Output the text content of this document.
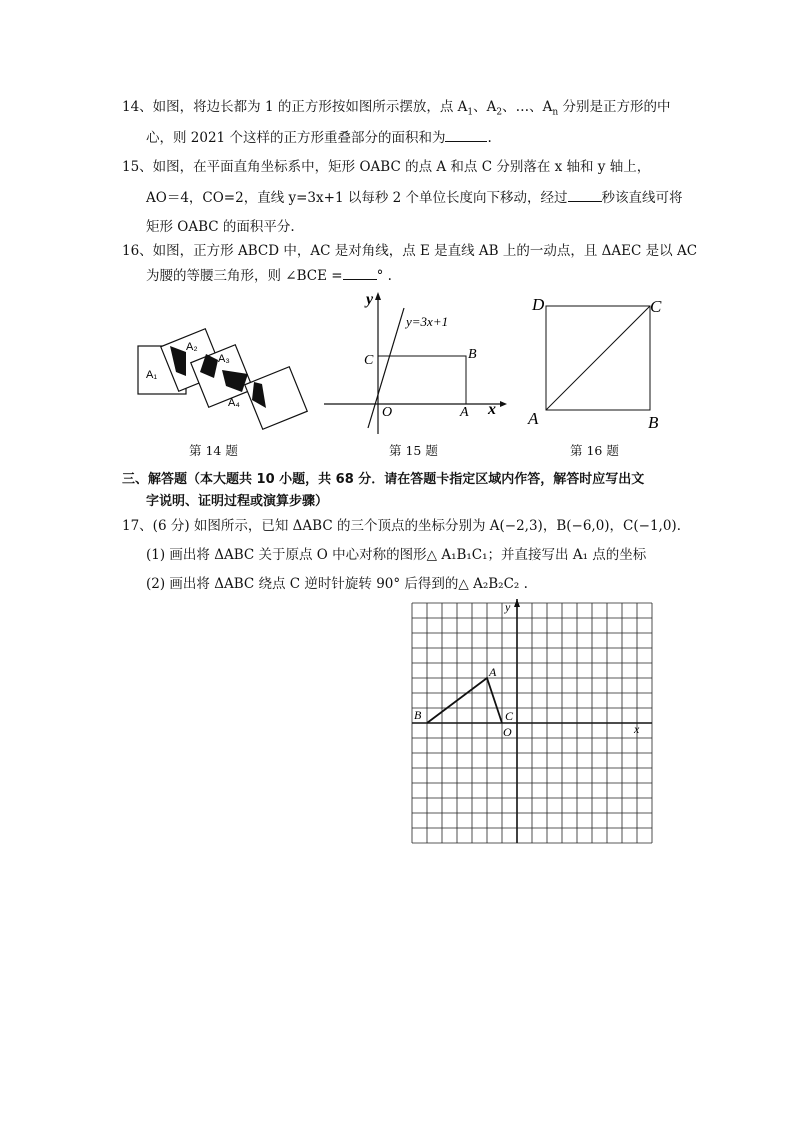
14、如图，将边长都为 1 的正方形按如图所示摆放，点 $A_1$、$A_2$、…、$A_n$ 分别是正方形的中
心，则 2021 个这样的正方形重叠部分的面积和为	.
15、如图，在平面直角坐标系中，矩形 OABC 的点 A 和点 C 分别落在 x 轴和 y 轴上，
AO＝4，CO=2，直线 y=3x+1 以每秒 2 个单位长度向下移动，经过	秒该直线可将
矩形 OABC 的面积平分.
16、如图，正方形 ABCD 中，AC 是对角线，点 E 是直线 AB 上的一动点，且 ΔAEC 是以 AC
为腰的等腰三角形，则 ∠BCE =	° .
A₁
A₂
A₃
A₄
第 14 题
y
x
y=3x+1
C	B
O	A
第 15 题
D	C
A	B
第 16 题
三、解答题（本大题共 10 小题，共 68 分．请在答题卡指定区域内作答，解答时应写出文
字说明、证明过程或演算步骤）
17、(6 分) 如图所示，已知 ΔABC 的三个顶点的坐标分别为 A(−2,3)，B(−6,0)，C(−1,0)．
(1) 画出将 ΔABC 关于原点 O 中心对称的图形△ A₁B₁C₁；并直接写出 A₁ 点的坐标
(2) 画出将 ΔABC 绕点 C 逆时针旋转 90° 后得到的△ A₂B₂C₂ .
A
B	C
O	x
y
